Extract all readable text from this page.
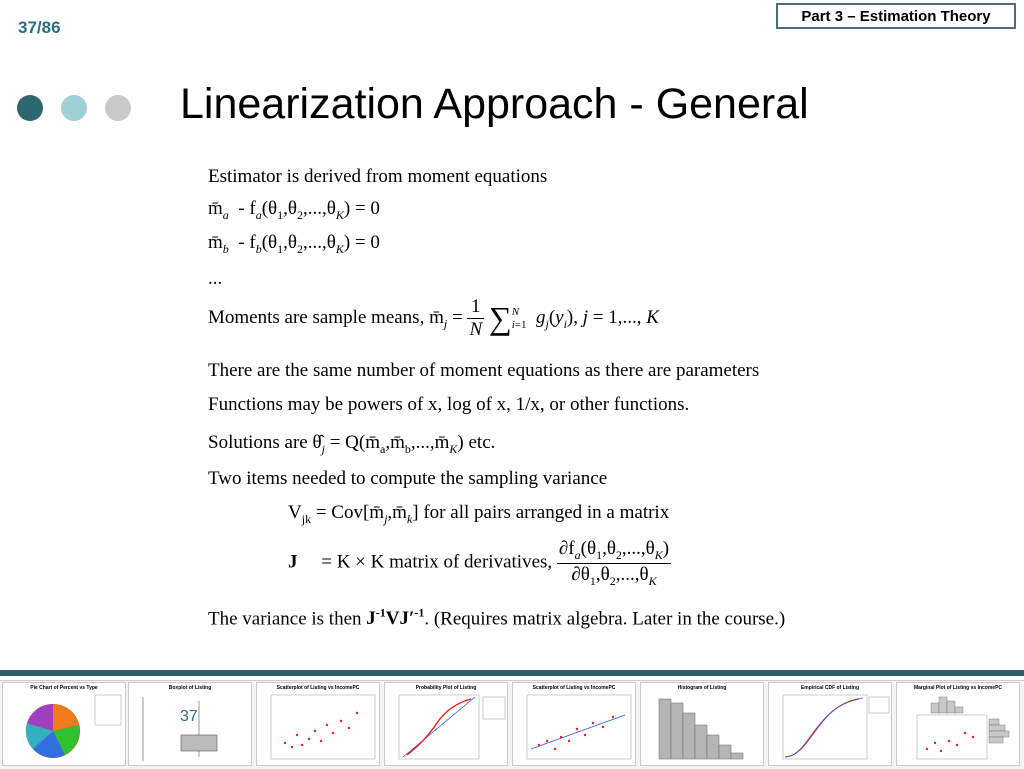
37/86
Part 3 – Estimation Theory
Linearization Approach - General
Estimator is derived from moment equations
$m̄_a - f_a(\theta_1,\theta_2,...,\theta_K) = 0$
$m̄_b - f_b(\theta_1,\theta_2,...,\theta_K) = 0$
...
Moments are sample means, $m̄_j = \frac{1}{N} \sum N$
i=1 $g_j(y_i)$, j = 1,..., K
There are the same number of moment equations as there are parameters
Functions may be powers of x, log of x, 1/x, or other functions.
Solutions are $\thetâ_j$ = $Q(m̄_a,m̄_b,...,m̄_K)$ etc.
Two items needed to compute the sampling variance
$V_{jk}$ = $Cov[m̄_j,m̄_k]$ for all pairs arranged in a matrix
J = K × K matrix of derivatives, $\frac{\partial f_a(\theta_1,\theta_2,...,\theta_K)}{\partial\theta_1,\theta_2,...,\theta_K}$
The variance is then $J^{-1}VJ'^{-1}$. (Requires matrix algebra. Later in the course.)
Pie Chart of Percent vs Type	Boxplot of Listing	Scatterplot of Listing vs IncomePC	Probability Plot of Listing	Scatterplot of Listing vs IncomePC	Histogram of Listing	Empirical CDF of Listing	Marginal Plot of Listing vs IncomePC
37
